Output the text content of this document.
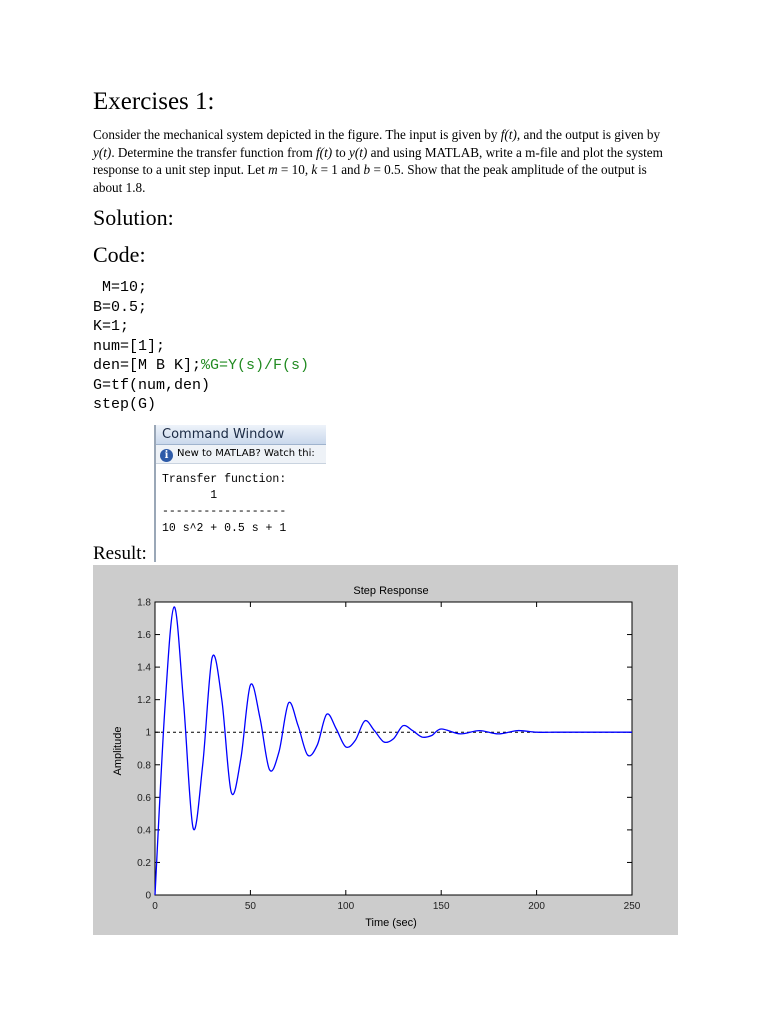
Exercises 1:
Consider the mechanical system depicted in the figure. The input is given by f(t), and the output is given by y(t). Determine the transfer function from f(t) to y(t) and using MATLAB, write a m-file and plot the system response to a unit step input. Let m = 10, k = 1 and b = 0.5. Show that the peak amplitude of the output is about 1.8.
Solution:
Code:
M=10;
B=0.5;
K=1;
num=[1];
den=[M B K];%G=Y(s)/F(s)
G=tf(num,den)
step(G)
Command Window
i New to MATLAB? Watch thi:
Transfer function:
1
------------------
10 s^2 + 0.5 s + 1
Result:
Step Response
0	50	100	150	200	250
0
0.2
0.4
0.6
0.8
1
1.2
1.4
1.6
1.8
Time (sec)
Amplitude
